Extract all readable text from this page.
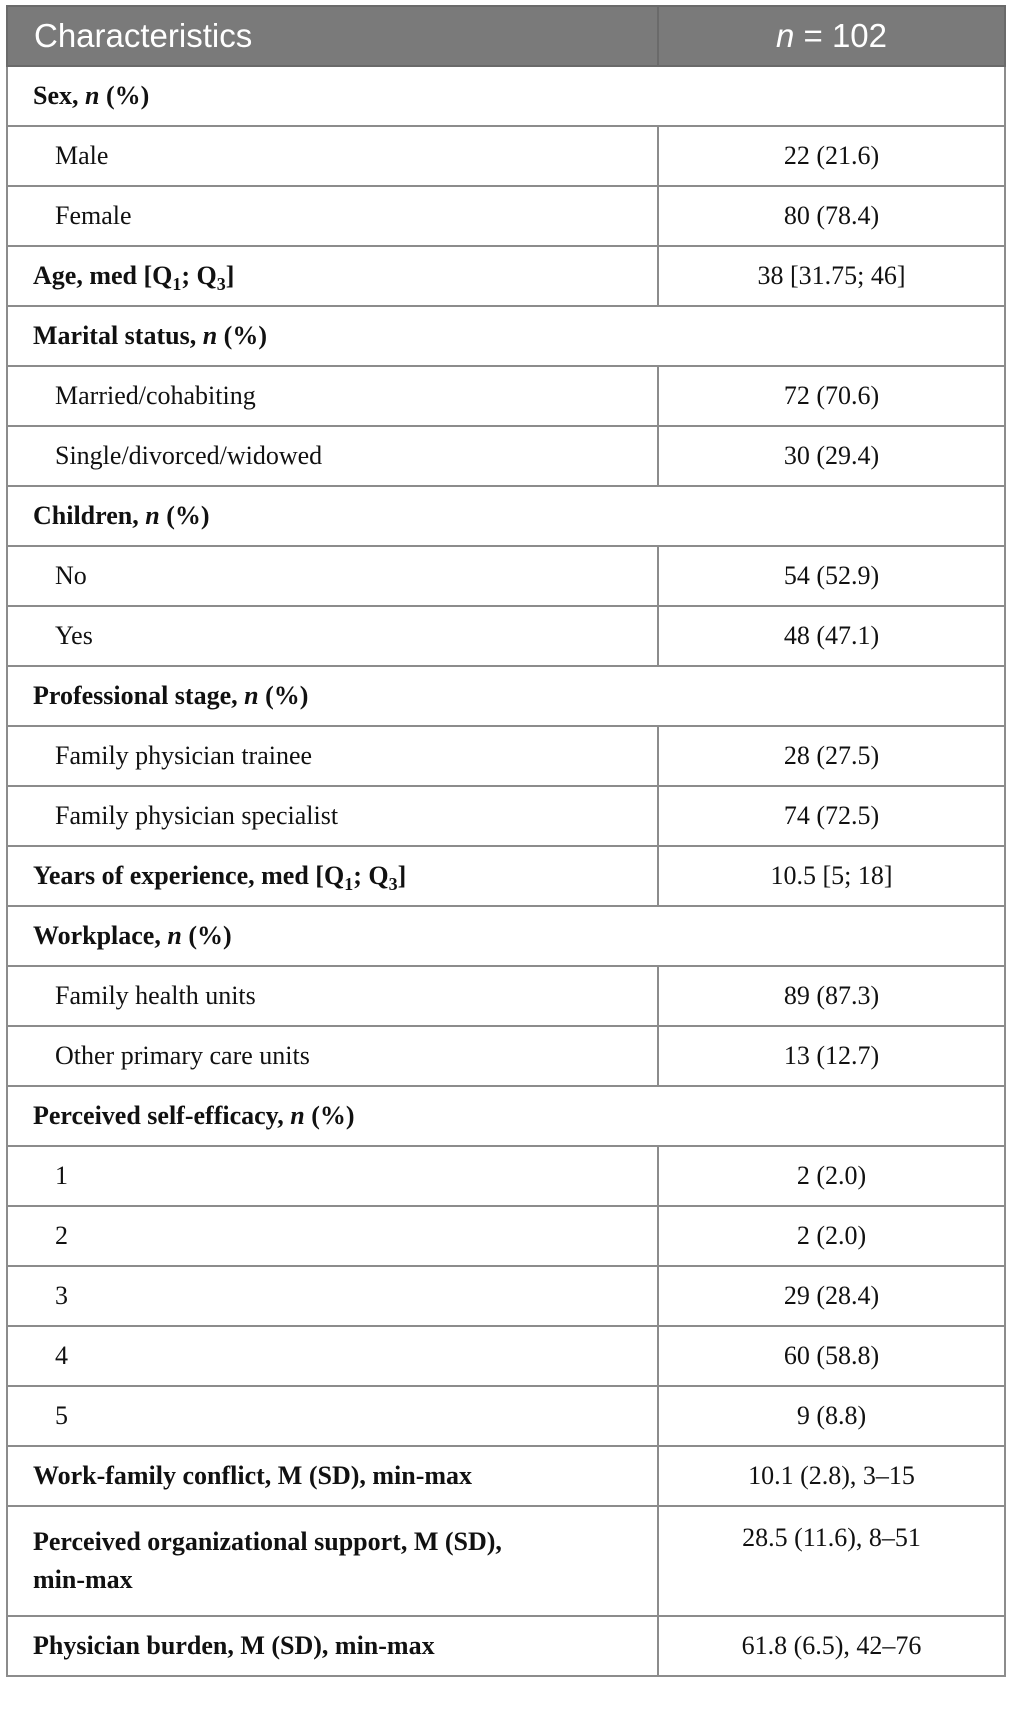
Characteristics	n = 102
Sex, n (%)	
Male	22 (21.6)
Female	80 (78.4)
Age, med [$Q_1$; $Q_3$]	38 [31.75; 46]
Marital status, n (%)	
Married/cohabiting	72 (70.6)
Single/divorced/widowed	30 (29.4)
Children, n (%)	
No	54 (52.9)
Yes	48 (47.1)
Professional stage, n (%)	
Family physician trainee	28 (27.5)
Family physician specialist	74 (72.5)
Years of experience, med [$Q_1$; $Q_3$]	10.5 [5; 18]
Workplace, n (%)	
Family health units	89 (87.3)
Other primary care units	13 (12.7)
Perceived self-efficacy, n (%)	
1	2 (2.0)
2	2 (2.0)
3	29 (28.4)
4	60 (58.8)
5	9 (8.8)
Work-family conflict, M (SD), min-max	10.1 (2.8), 3–15
Perceived organizational support, M (SD),
min-max	28.5 (11.6), 8–51
Physician burden, M (SD), min-max	61.8 (6.5), 42–76
